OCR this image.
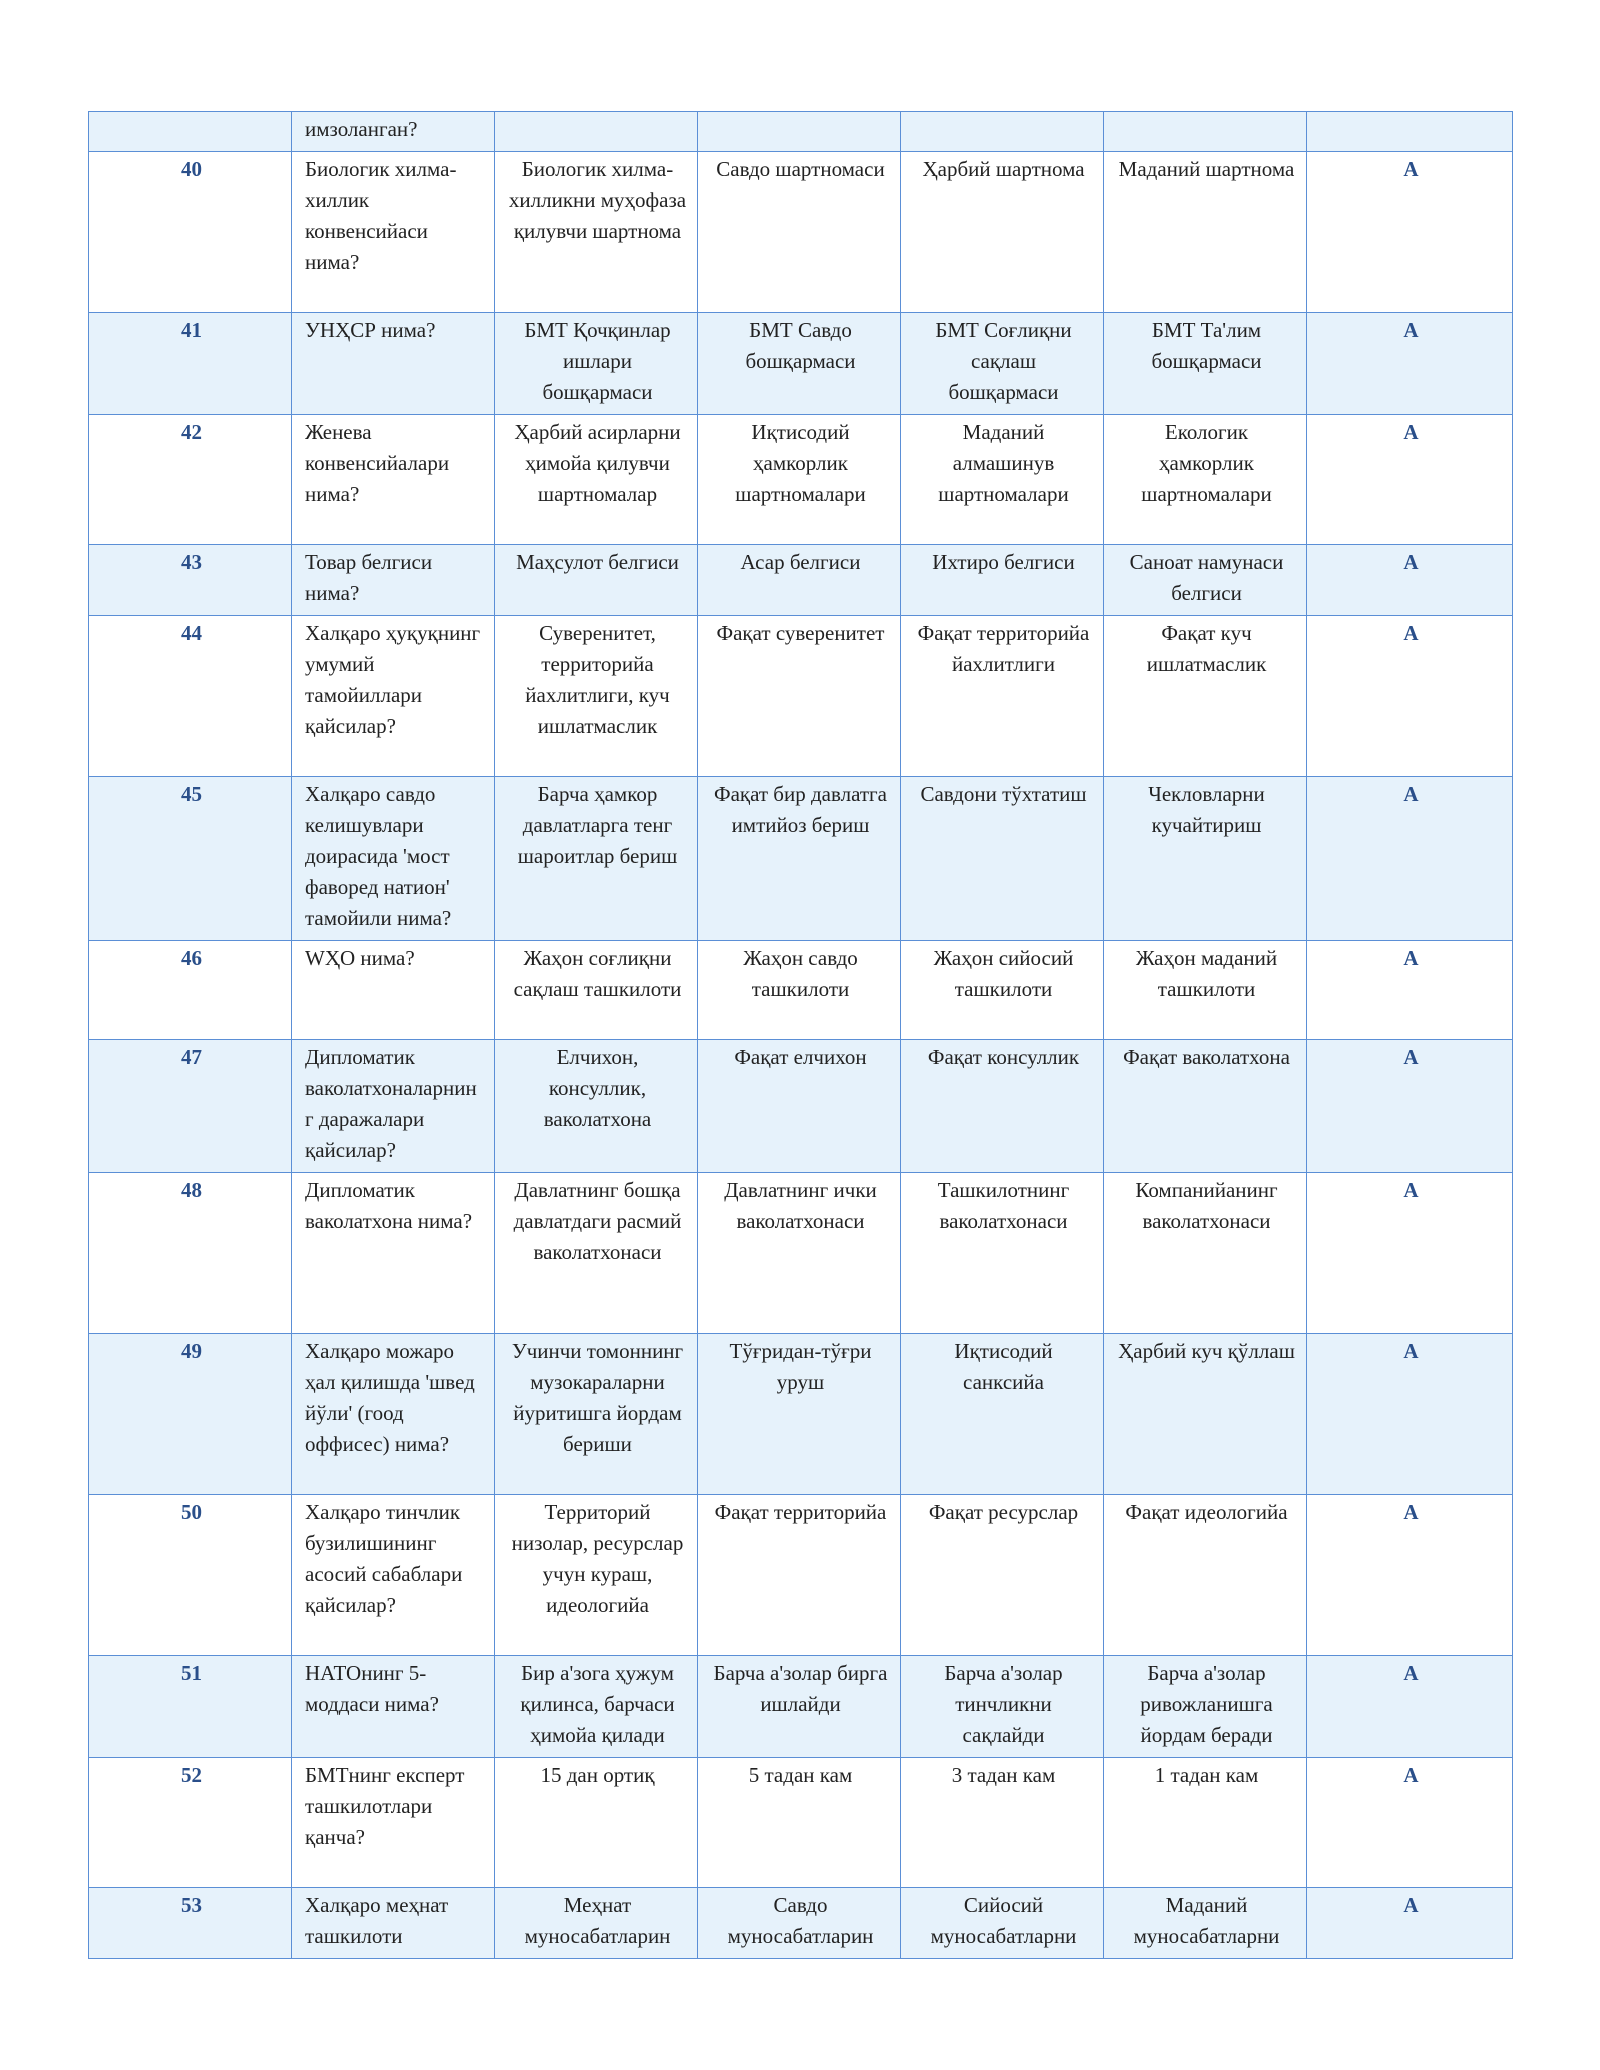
	имзоланган?					
40	Биологик хилма-хиллик конвенсийаси нима?	Биологик хилма-хилликни муҳофаза қилувчи шартнома	Савдо шартномаси	Ҳарбий шартнома	Маданий шартнома	A
41	УНҲСР нима?	БМТ Қочқинлар ишлари бошқармаси	БМТ Савдо бошқармаси	БМТ Соғлиқни сақлаш бошқармаси	БМТ Та'лим бошқармаси	A
42	Женева конвенсийалари нима?	Ҳарбий асирларни ҳимойа қилувчи шартномалар	Иқтисодий ҳамкорлик шартномалари	Маданий алмашинув шартномалари	Екологик ҳамкорлик шартномалари	A
43	Товар белгиси нима?	Маҳсулот белгиси	Асар белгиси	Ихтиро белгиси	Саноат намунаси белгиси	A
44	Халқаро ҳуқуқнинг умумий тамойиллари қайсилар?	Суверенитет, территорийа йахлитлиги, куч ишлатмаслик	Фақат суверенитет	Фақат территорийа йахлитлиги	Фақат куч ишлатмаслик	A
45	Халқаро савдо келишувлари доирасида 'мост фаворед натион' тамойили нима?	Барча ҳамкор давлатларга тенг шароитлар бериш	Фақат бир давлатга имтийоз бериш	Савдони тўхтатиш	Чекловларни кучайтириш	A
46	WҲО нима?	Жаҳон соғлиқни сақлаш ташкилоти	Жаҳон савдо ташкилоти	Жаҳон сийосий ташкилоти	Жаҳон маданий ташкилоти	A
47	Дипломатик ваколатхоналарнинг даражалари қайсилар?	Елчихон, консуллик, ваколатхона	Фақат елчихон	Фақат консуллик	Фақат ваколатхона	A
48	Дипломатик ваколатхона нима?	Давлатнинг бошқа давлатдаги расмий ваколатхонаси	Давлатнинг ички ваколатхонаси	Ташкилотнинг ваколатхонаси	Компанийанинг ваколатхонаси	A
49	Халқаро можаро ҳал қилишда 'швед йўли' (гоод оффисес) нима?	Учинчи томоннинг музокараларни йуритишга йордам бериши	Тўғридан-тўғри уруш	Иқтисодий санксийа	Ҳарбий куч қўллаш	A
50	Халқаро тинчлик бузилишининг асосий сабаблари қайсилар?	Территорий низолар, ресурслар учун кураш, идеологийа	Фақат территорийа	Фақат ресурслар	Фақат идеологийа	A
51	НАТОнинг 5-моддаси нима?	Бир а'зога ҳужум қилинса, барчаси ҳимойа қилади	Барча а'золар бирга ишлайди	Барча а'золар тинчликни сақлайди	Барча а'золар ривожланишга йордам беради	A
52	БМТнинг експерт ташкилотлари қанча?	15 дан ортиқ	5 тадан кам	3 тадан кам	1 тадан кам	A
53	Халқаро меҳнат ташкилоти	Меҳнат муносабатларин	Савдо муносабатларин	Сийосий муносабатларни	Маданий муносабатларни	A
